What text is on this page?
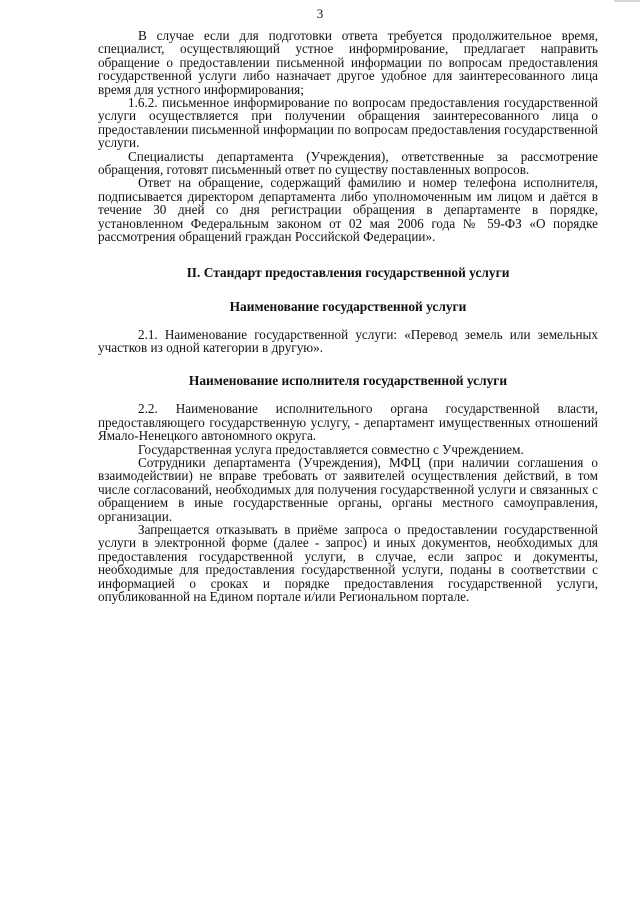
3

В случае если для подготовки ответа требуется продолжительное время, специалист, осуществляющий устное информирование, предлагает направить обращение о предоставлении письменной информации по вопросам предоставления государственной услуги либо назначает другое удобное для заинтересованного лица время для устного информирования;

1.6.2. письменное информирование по вопросам предоставления государственной услуги осуществляется при получении обращения заинтересованного лица о предоставлении письменной информации по вопросам предоставления государственной услуги.

Специалисты департамента (Учреждения), ответственные за рассмотрение обращения, готовят письменный ответ по существу поставленных вопросов.

Ответ на обращение, содержащий фамилию и номер телефона исполнителя, подписывается директором департамента либо уполномоченным им лицом и даётся в течение 30 дней со дня регистрации обращения в департаменте в порядке, установленном Федеральным законом от 02 мая 2006 года № 59-ФЗ «О порядке рассмотрения обращений граждан Российской Федерации».

II. Стандарт предоставления государственной услуги

Наименование государственной услуги

2.1. Наименование государственной услуги: «Перевод земель или земельных участков из одной категории в другую».

Наименование исполнителя государственной услуги

2.2. Наименование исполнительного органа государственной власти, предоставляющего государственную услугу, - департамент имущественных отношений Ямало-Ненецкого автономного округа.

Государственная услуга предоставляется совместно с Учреждением.

Сотрудники департамента (Учреждения), МФЦ (при наличии соглашения о взаимодействии) не вправе требовать от заявителей осуществления действий, в том числе согласований, необходимых для получения государственной услуги и связанных с обращением в иные государственные органы, органы местного самоуправления, организации.

Запрещается отказывать в приёме запроса о предоставлении государственной услуги в электронной форме (далее - запрос) и иных документов, необходимых для предоставления государственной услуги, в случае, если запрос и документы, необходимые для предоставления государственной услуги, поданы в соответствии с информацией о сроках и порядке предоставления государственной услуги, опубликованной на Едином портале и/или Региональном портале.
